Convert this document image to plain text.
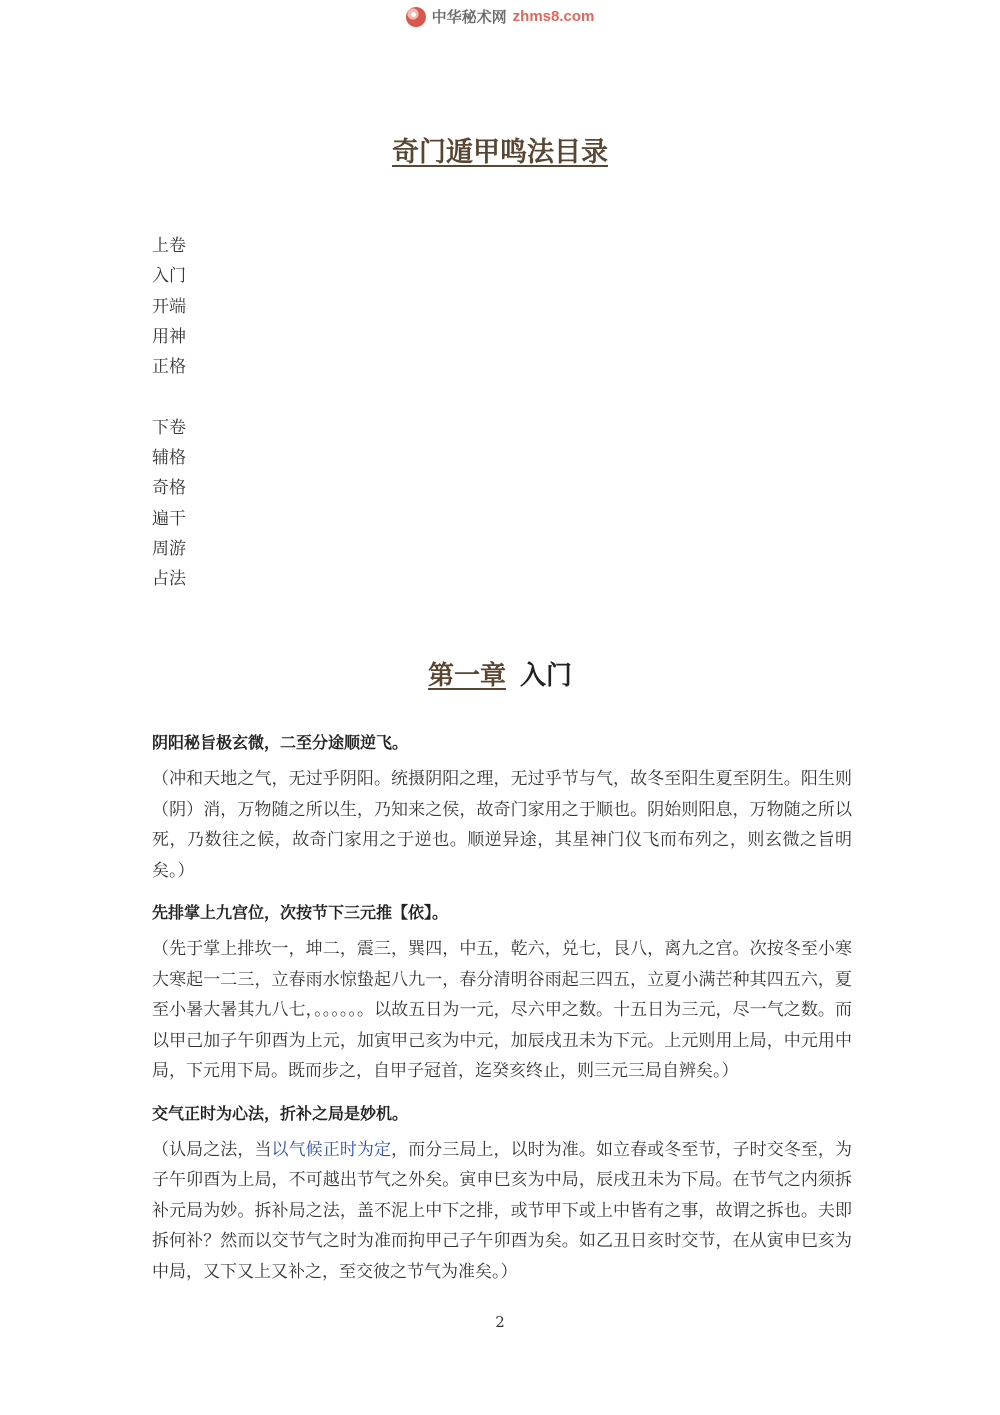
中华秘术网 zhms8.com
奇门遁甲鸣法目录
上卷
入门
开端
用神
正格
下卷
辅格
奇格
遍干
周游
占法
第一章 入门

阴阳秘旨极玄微，二至分途顺逆飞。

（冲和天地之气，无过乎阴阳。统摄阴阳之理，无过乎节与气，故冬至阳生夏至阴生。阳生则（阴）消，万物随之所以生，乃知来之侯，故奇门家用之于顺也。阴始则阳息，万物随之所以死，乃数往之候，故奇门家用之于逆也。顺逆异途，其星神门仪飞而布列之，则玄微之旨明矣。）

先排掌上九宫位，次按节下三元推【依】。

（先于掌上排坎一，坤二，震三，巽四，中五，乾六，兑七，艮八，离九之宫。次按冬至小寒大寒起一二三，立春雨水惊蛰起八九一，春分清明谷雨起三四五，立夏小满芒种其四五六，夏至小暑大暑其九八七，。。。。。。以故五日为一元，尽六甲之数。十五日为三元，尽一气之数。而以甲己加子午卯酉为上元，加寅甲己亥为中元，加辰戌丑未为下元。上元则用上局，中元用中局，下元用下局。既而步之，自甲子冠首，迄癸亥终止，则三元三局自辨矣。）

交气正时为心法，折补之局是妙机。

（认局之法，当以气候正时为定，而分三局上，以时为准。如立春或冬至节，子时交冬至，为子午卯酉为上局，不可越出节气之外矣。寅申巳亥为中局，辰戌丑未为下局。在节气之内须拆补元局为妙。拆补局之法，盖不泥上中下之排，或节甲下或上中皆有之事，故谓之拆也。夫即拆何补？然而以交节气之时为准而拘甲己子午卯酉为矣。如乙丑日亥时交节，在从寅申巳亥为中局，又下又上又补之，至交彼之节气为准矣。）

2
